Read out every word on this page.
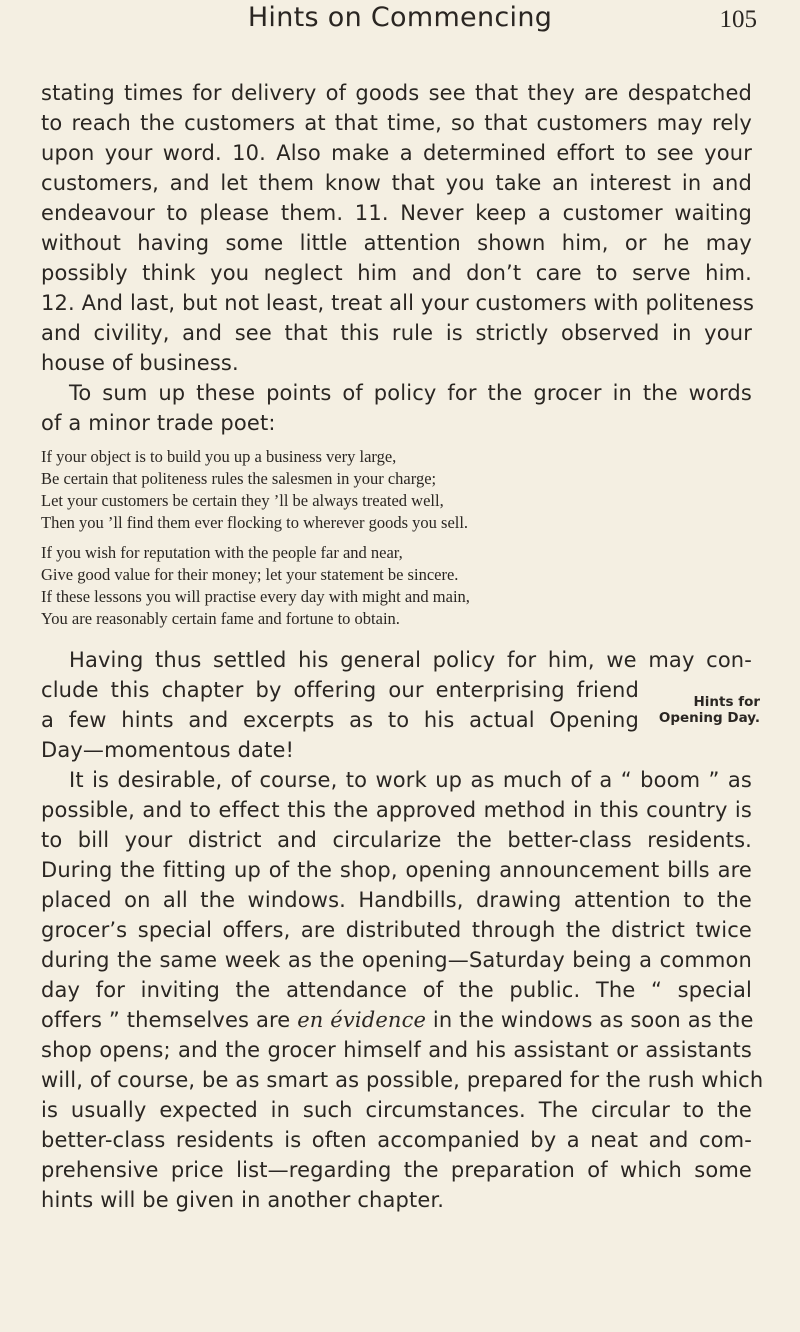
Hints on Commencing	105
stating times for delivery of goods see that they are despatched
to reach the customers at that time, so that customers may rely
upon your word. 10. Also make a determined effort to see your
customers, and let them know that you take an interest in and
endeavour to please them. 11. Never keep a customer waiting
without having some little attention shown him, or he may
possibly think you neglect him and don’t care to serve him.
12. And last, but not least, treat all your customers with politeness
and civility, and see that this rule is strictly observed in your
house of business.
To sum up these points of policy for the grocer in the words
of a minor trade poet:
If your object is to build you up a business very large,
Be certain that politeness rules the salesmen in your charge;
Let your customers be certain they ’ll be always treated well,
Then you ’ll find them ever flocking to wherever goods you sell.
If you wish for reputation with the people far and near,
Give good value for their money; let your statement be sincere.
If these lessons you will practise every day with might and main,
You are reasonably certain fame and fortune to obtain.
Having thus settled his general policy for him, we may con-
clude this chapter by offering our enterprising friend
a few hints and excerpts as to his actual Opening
Day—momentous date!
It is desirable, of course, to work up as much of a “ boom ” as
possible, and to effect this the approved method in this country is
to bill your district and circularize the better-class residents.
During the fitting up of the shop, opening announcement bills are
placed on all the windows. Handbills, drawing attention to the
grocer’s special offers, are distributed through the district twice
during the same week as the opening—Saturday being a common
day for inviting the attendance of the public. The “ special
offers ” themselves are en évidence in the windows as soon as the
shop opens; and the grocer himself and his assistant or assistants
will, of course, be as smart as possible, prepared for the rush which
is usually expected in such circumstances. The circular to the
better-class residents is often accompanied by a neat and com-
prehensive price list—regarding the preparation of which some
hints will be given in another chapter.
Hints for
Opening Day.
